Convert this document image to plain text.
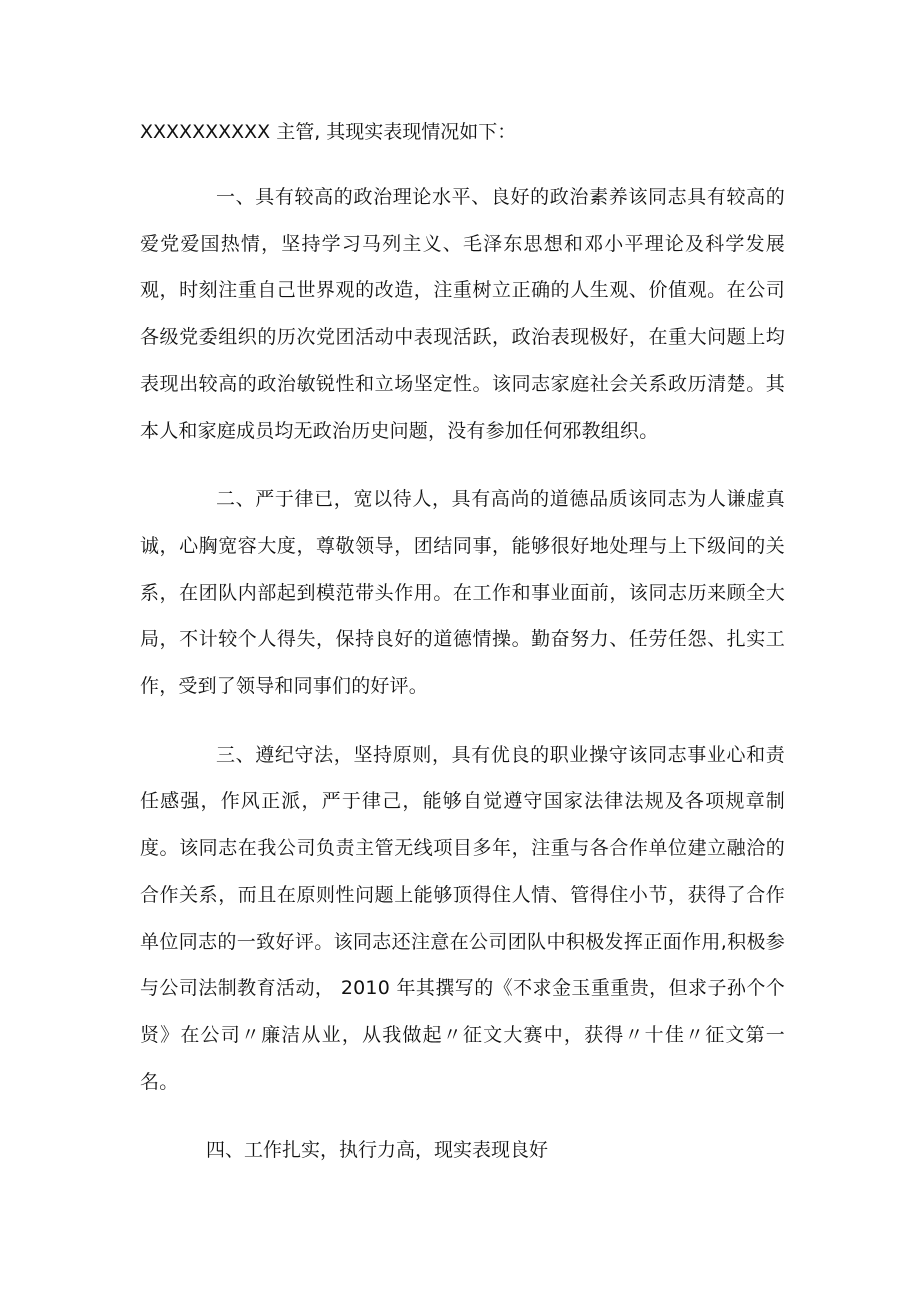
XXXXXXXXXX 主管, 其现实表现情况如下：

一、具有较高的政治理论水平、良好的政治素养该同志具有较高的爱党爱国热情，坚持学习马列主义、毛泽东思想和邓小平理论及科学发展观，时刻注重自己世界观的改造，注重树立正确的人生观、价值观。在公司各级党委组织的历次党团活动中表现活跃，政治表现极好，在重大问题上均表现出较高的政治敏锐性和立场坚定性。该同志家庭社会关系政历清楚。其本人和家庭成员均无政治历史问题，没有参加任何邪教组织。

二、严于律已，宽以待人，具有高尚的道德品质该同志为人谦虚真诚，心胸宽容大度，尊敬领导，团结同事，能够很好地处理与上下级间的关系，在团队内部起到模范带头作用。在工作和事业面前，该同志历来顾全大局，不计较个人得失，保持良好的道德情操。勤奋努力、任劳任怨、扎实工作，受到了领导和同事们的好评。

三、遵纪守法，坚持原则，具有优良的职业操守该同志事业心和责任感强，作风正派，严于律己，能够自觉遵守国家法律法规及各项规章制度。该同志在我公司负责主管无线项目多年，注重与各合作单位建立融洽的合作关系，而且在原则性问题上能够顶得住人情、管得住小节，获得了合作单位同志的一致好评。该同志还注意在公司团队中积极发挥正面作用,积极参与公司法制教育活动， 2010 年其撰写的《不求金玉重重贵，但求子孙个个贤》在公司〃廉洁从业，从我做起〃征文大赛中，获得〃十佳〃征文第一名。

四、工作扎实，执行力高，现实表现良好
